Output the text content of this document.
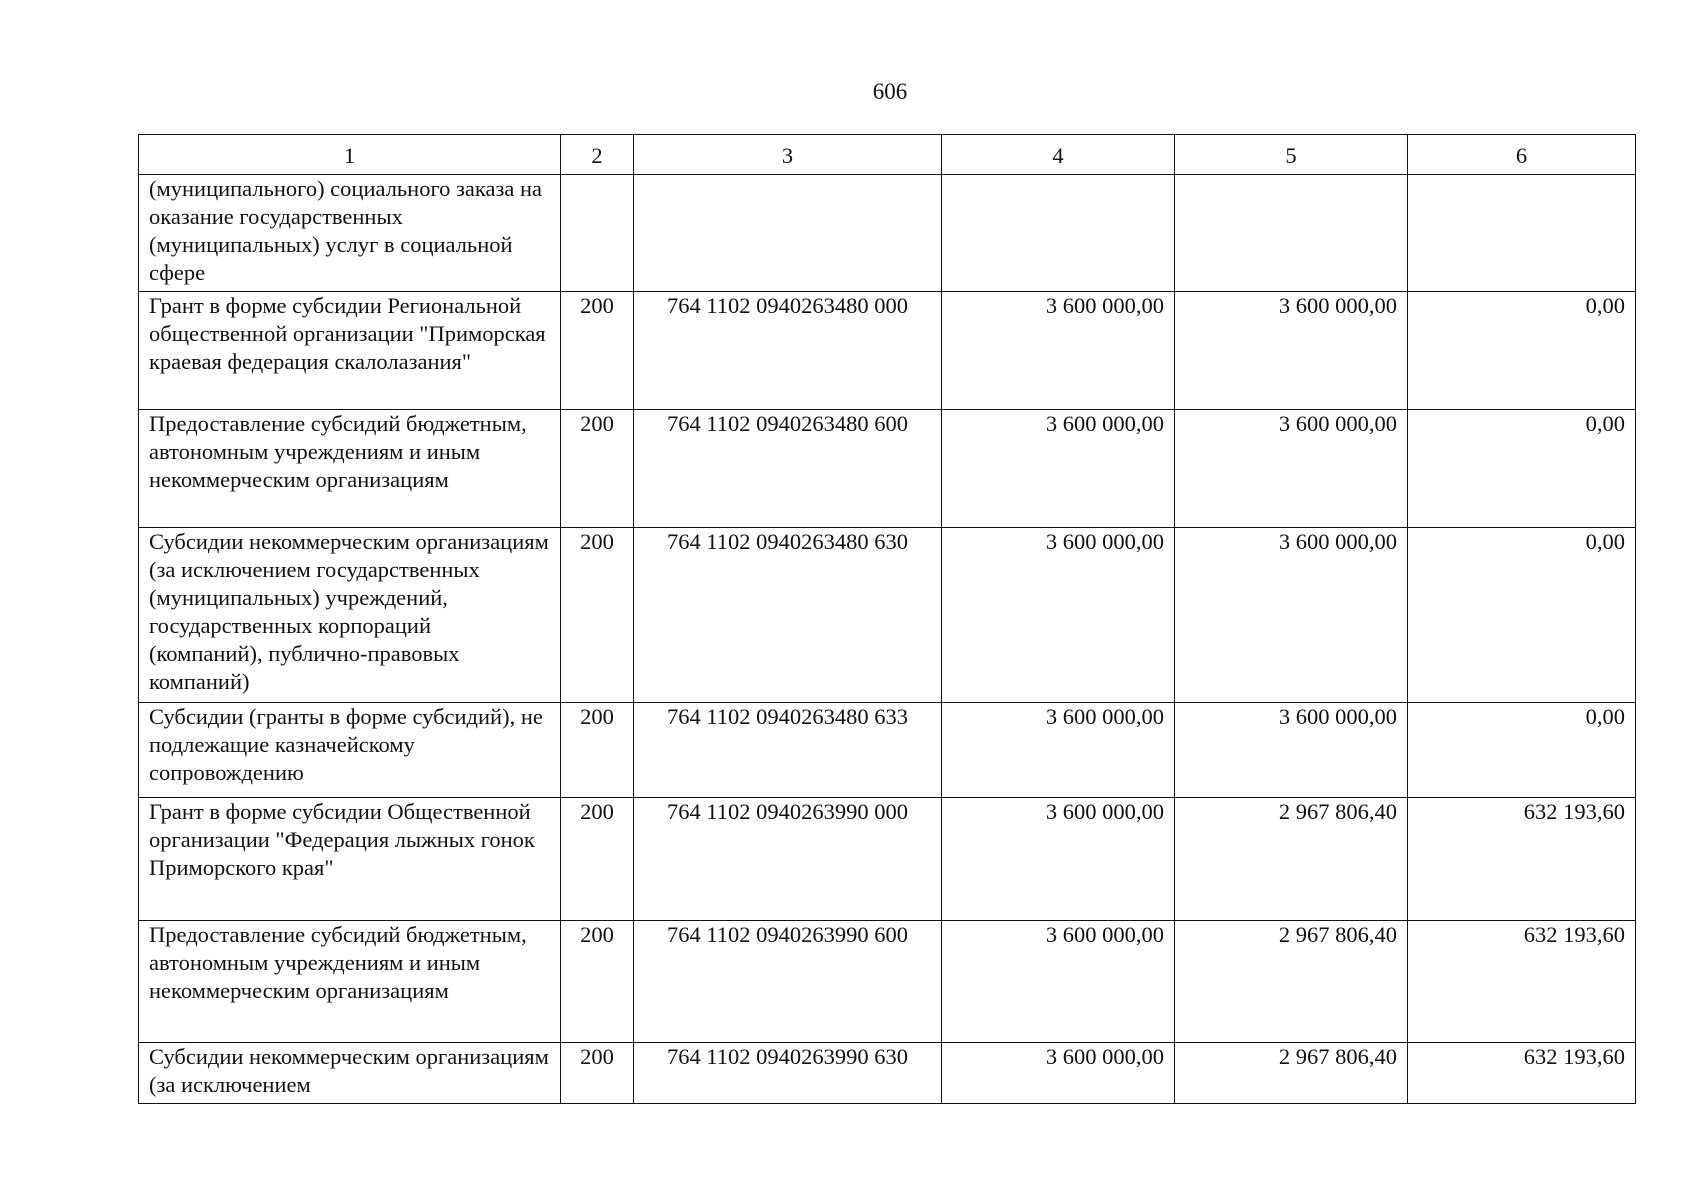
606
1	2	3	4	5	6
(муниципального) социального заказа на оказание государственных (муниципальных) услуг в социальной сфере					
Грант в форме субсидии Региональной общественной организации "Приморская краевая федерация скалолазания"	200	764 1102 0940263480 000	3 600 000,00	3 600 000,00	0,00
Предоставление субсидий бюджетным, автономным учреждениям и иным некоммерческим организациям	200	764 1102 0940263480 600	3 600 000,00	3 600 000,00	0,00
Субсидии некоммерческим организациям (за исключением государственных (муниципальных) учреждений, государственных корпораций (компаний), публично-правовых компаний)	200	764 1102 0940263480 630	3 600 000,00	3 600 000,00	0,00
Субсидии (гранты в форме субсидий), не подлежащие казначейскому сопровождению	200	764 1102 0940263480 633	3 600 000,00	3 600 000,00	0,00
Грант в форме субсидии Общественной организации "Федерация лыжных гонок Приморского края"	200	764 1102 0940263990 000	3 600 000,00	2 967 806,40	632 193,60
Предоставление субсидий бюджетным, автономным учреждениям и иным некоммерческим организациям	200	764 1102 0940263990 600	3 600 000,00	2 967 806,40	632 193,60
Субсидии некоммерческим организациям (за исключением	200	764 1102 0940263990 630	3 600 000,00	2 967 806,40	632 193,60
